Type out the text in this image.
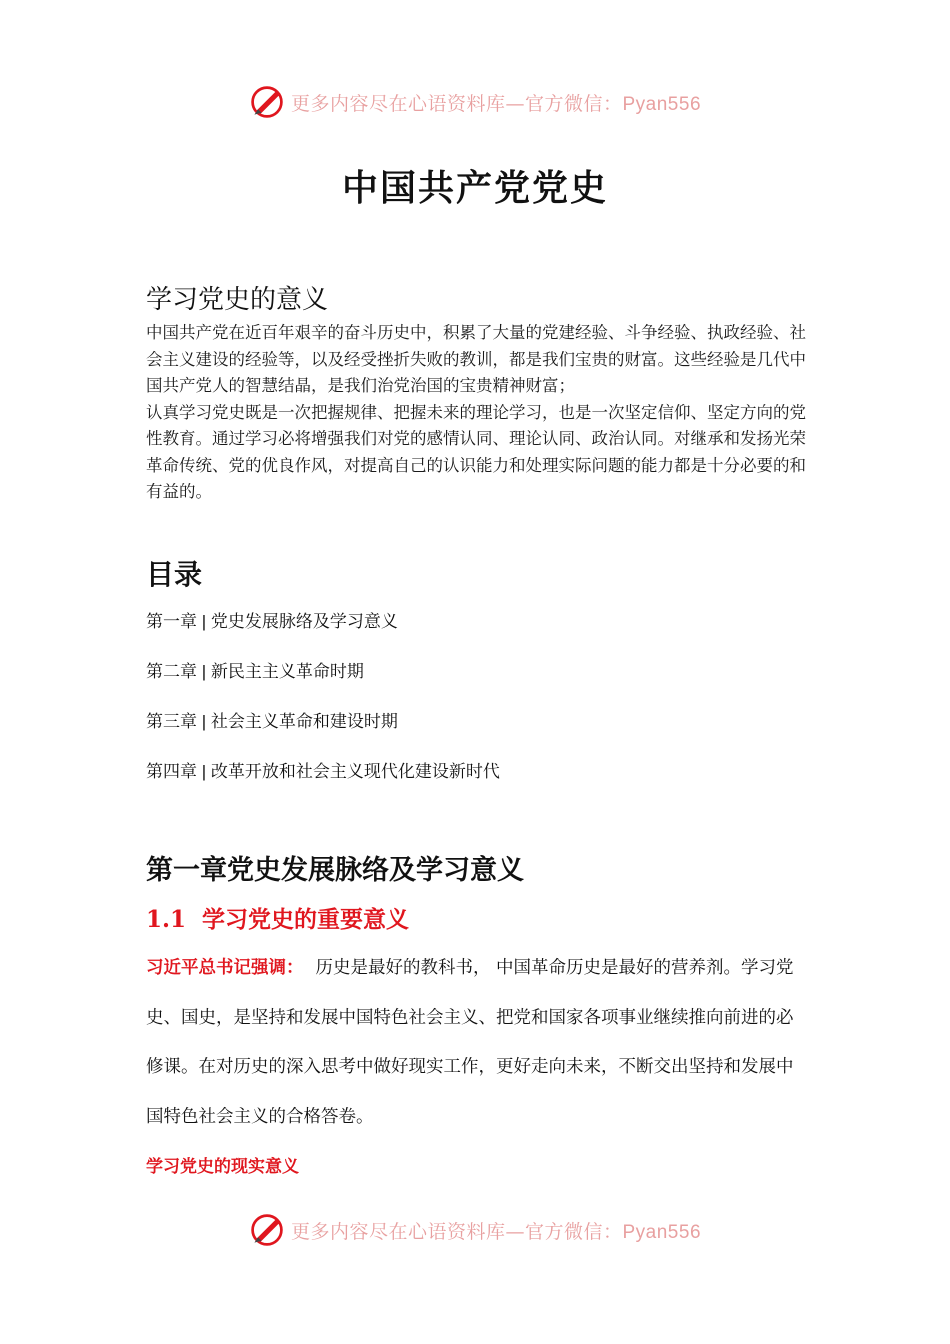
更多内容尽在心语资料库—官方微信：Pyan556
中国共产党党史
学习党史的意义

中国共产党在近百年艰辛的奋斗历史中，积累了大量的党建经验、斗争经验、执政经验、社会主义建设的经验等，以及经受挫折失败的教训，都是我们宝贵的财富。这些经验是几代中国共产党人的智慧结晶，是我们治党治国的宝贵精神财富；

认真学习党史既是一次把握规律、把握未来的理论学习，也是一次坚定信仰、坚定方向的党性教育。通过学习必将增强我们对党的感情认同、理论认同、政治认同。对继承和发扬光荣革命传统、党的优良作风，对提高自己的认识能力和处理实际问题的能力都是十分必要的和有益的。

目录

第一章 | 党史发展脉络及学习意义

第二章 | 新民主主义革命时期

第三章 | 社会主义革命和建设时期

第四章 | 改革开放和社会主义现代化建设新时代

第一章党史发展脉络及学习意义
1.1 学习党史的重要意义

习近平总书记强调： 历史是最好的教科书， 中国革命历史是最好的营养剂。学习党史、国史，是坚持和发展中国特色社会主义、把党和国家各项事业继续推向前进的必修课。在对历史的深入思考中做好现实工作，更好走向未来，不断交出坚持和发展中国特色社会主义的合格答卷。

学习党史的现实意义

更多内容尽在心语资料库—官方微信：Pyan556
